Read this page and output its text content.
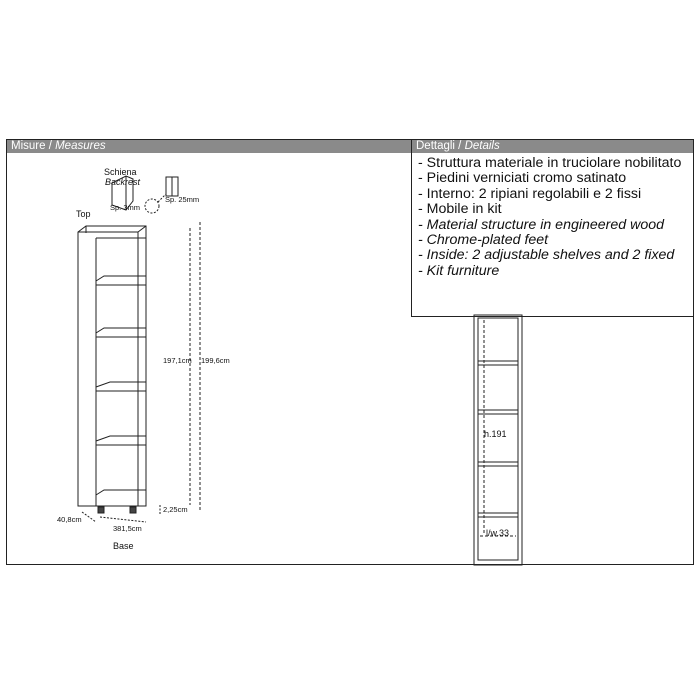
Misure / Measures	Dettagli / Details
- Struttura materiale in truciolare nobilitato
- Piedini verniciati cromo satinato
- Interno: 2 ripiani regolabili e 2 fissi
- Mobile in kit
- Material structure in engineered wood
- Chrome-plated feet
- Inside: 2 adjustable shelves and 2 fixed
- Kit furniture
Schiena
Backrest
Sp. 3mm
Sp. 25mm
Top
197,1cm 199,6cm
2,25cm
40,8cm
381,5cm
Base
h.191
l/w.33
